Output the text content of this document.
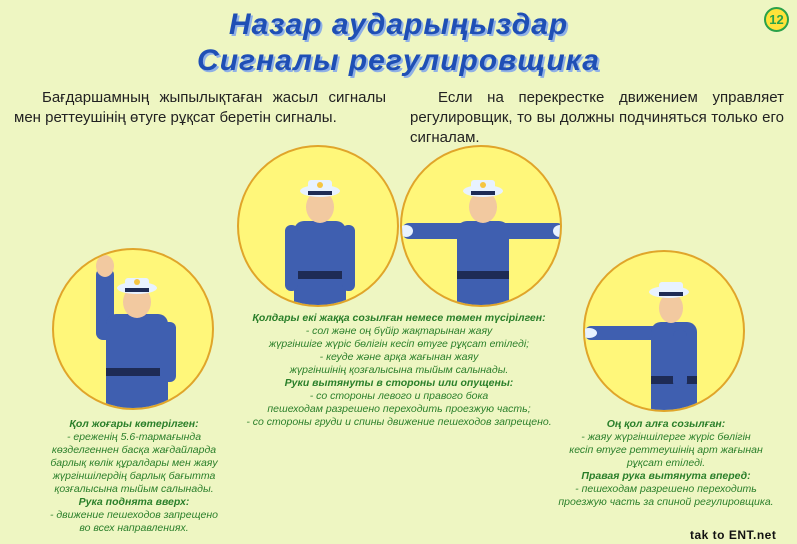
Назар аударыңыздар
Сигналы регулировщика
12
Бағдаршамның жыпылықтаған жасыл сигналы мен реттеушінің өтуге рұқсат беретін сигналы.
Если на перекрестке движением управляет регулировщик, то вы должны подчиняться только его сигналам.
Қолдары екі жаққа созылған немесе төмен түсірілген:
- сол және оң бүйір жақтарынан жаяу
жүргіншіге жүріс бөлігін кесіп өтуге рұқсат етіледі;
- кеуде және арқа жағынан жаяу
жүргіншінің қозғалысына тыйым салынады.
Руки вытянуты в стороны или опущены:
- со стороны левого и правого бока
пешеходам разрешено переходить проезжую часть;
- со стороны груди и спины движение пешеходов запрещено.
Қол жоғары көтерілген:
- ереженің 5.6-тармағында
көзделгеннен басқа жағдайларда
барлық көлік құралдары мен жаяу
жүргіншілердің барлық бағытта
қозғалысына тыйым салынады.
Рука поднята вверх:
- движение пешеходов запрещено
во всех направлениях.
Оң қол алға созылған:
- жаяу жүргіншілерге жүріс бөлігін
кесіп өтуге реттеушінің арт жағынан
рұқсат етіледі.
Правая рука вытянута вперед:
- пешеходам разрешено переходить
проезжую часть за спиной регулировщика.
tak to ENT.net
